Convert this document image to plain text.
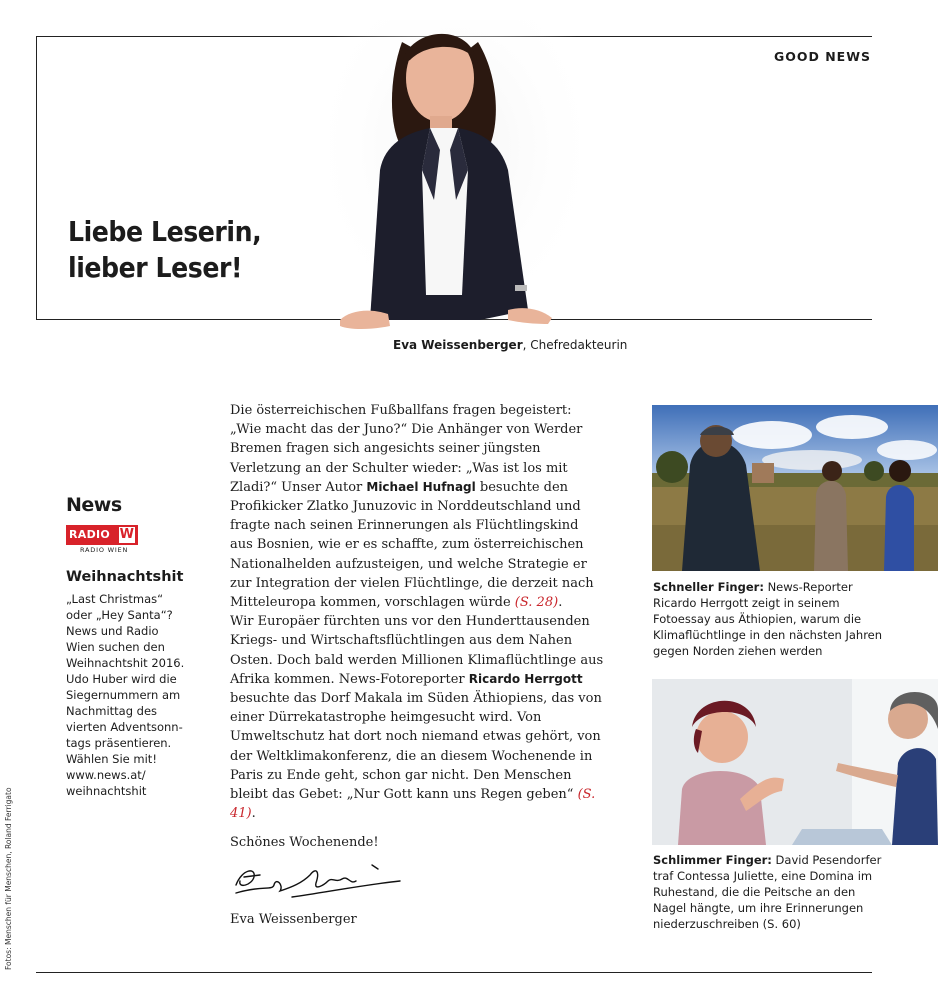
GOOD NEWS
Liebe Leserin,
lieber Leser!
Eva Weissenberger, Chefredakteurin

Die österreichischen Fußballfans fragen begeistert: „Wie macht das der Juno?“ Die Anhänger von Werder Bremen fragen sich angesichts seiner jüngsten Verletzung an der Schulter wieder: „Was ist los mit Zladi?“ Unser Autor Michael Hufnagl besuchte den Profikicker Zlatko Junuzovic in Norddeutschland und fragte nach seinen Erinnerungen als Flüchtlingskind aus Bosnien, wie er es schaffte, zum österreichischen Nationalhelden aufzusteigen, und welche Strategie er zur Integration der vielen Flüchtlinge, die derzeit nach Mitteleuropa kommen, vorschlagen würde (S. 28).

Wir Europäer fürchten uns vor den Hunderttausenden Kriegs- und Wirtschaftsflüchtlingen aus dem Nahen Osten. Doch bald werden Millionen Klimaflüchtlinge aus Afrika kommen. News-Fotoreporter Ricardo Herrgott besuchte das Dorf Makala im Süden Äthiopiens, das von einer Dürrekatastrophe heimgesucht wird. Von Umweltschutz hat dort noch niemand etwas gehört, von der Weltklimakonferenz, die an diesem Wochenende in Paris zu Ende geht, schon gar nicht. Den Menschen bleibt das Gebet: „Nur Gott kann uns Regen geben“ (S. 41).

Schönes Wochenende!
Eva Weissenberger
News
RADIO W
RADIO WIEN
Weihnachtshit

„Last Christmas“

oder „Hey Santa“?

News und Radio

Wien suchen den

Weihnachtshit 2016.

Udo Huber wird die

Siegernummern am

Nachmittag des

vierten Adventsonn-

tags präsentieren.

Wählen Sie mit!

www.news.at/

weihnachtshit

Schneller Finger: News-Reporter Ricardo Herrgott zeigt in seinem Fotoessay aus Äthiopien, warum die Klimaflüchtlinge in den nächsten Jahren gegen Norden ziehen werden

Schlimmer Finger: David Pesendorfer traf Contessa Juliette, eine Domina im Ruhestand, die die Peitsche an den Nagel hängte, um ihre Erinnerungen niederzuschreiben (S. 60)

Fotos: Menschen für Menschen, Roland Ferrigato
